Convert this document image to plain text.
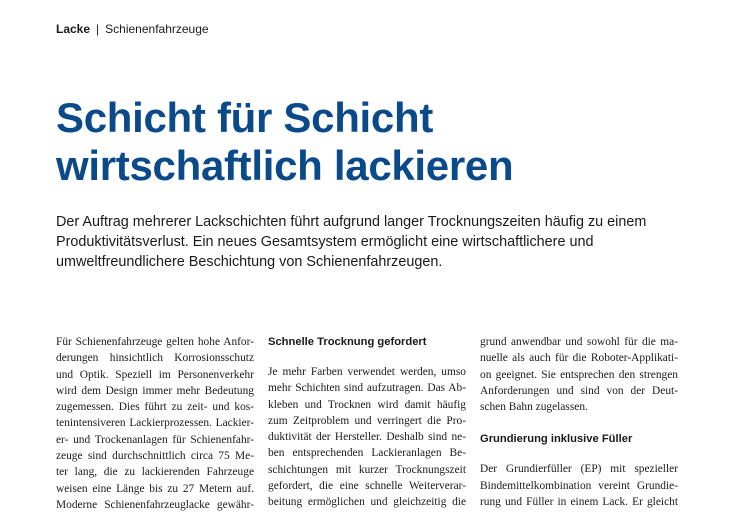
Lacke | Schienenfahrzeuge
Schicht für Schicht
wirtschaftlich lackieren

Der Auftrag mehrerer Lackschichten führt aufgrund langer Trocknungszeiten häufig zu einem
Produktivitätsverlust. Ein neues Gesamtsystem ermöglicht eine wirtschaftlichere und
umweltfreundlichere Beschichtung von Schienenfahrzeugen.

Für Schienenfahrzeuge gelten hohe Anfor-
derungen hinsichtlich Korrosionsschutz
und Optik. Speziell im Personenverkehr
wird dem Design immer mehr Bedeutung
zugemessen. Dies führt zu zeit- und kos-
tenintensiveren Lackierprozessen. Lackier-
er- und Trockenanlagen für Schienenfahr-
zeuge sind durchschnittlich circa 75 Me-
ter lang, die zu lackierenden Fahrzeuge
weisen eine Länge bis zu 27 Metern auf.
Moderne Schienenfahrzeuglacke gewähr-
Schnelle Trocknung gefordert
Je mehr Farben verwendet werden, umso
mehr Schichten sind aufzutragen. Das Ab-
kleben und Trocknen wird damit häufig
zum Zeitproblem und verringert die Pro-
duktivität der Hersteller. Deshalb sind ne-
ben entsprechenden Lackieranlagen Be-
schichtungen mit kurzer Trocknungszeit
gefordert, die eine schnelle Weiterverar-
beitung ermöglichen und gleichzeitig die
grund anwendbar und sowohl für die ma-
nuelle als auch für die Roboter-Applikati-
on geeignet. Sie entsprechen den strengen
Anforderungen und sind von der Deut-
schen Bahn zugelassen.
Grundierung inklusive Füller
Der Grundierfüller (EP) mit spezieller
Bindemittelkombination vereint Grundie-
rung und Füller in einem Lack. Er gleicht
